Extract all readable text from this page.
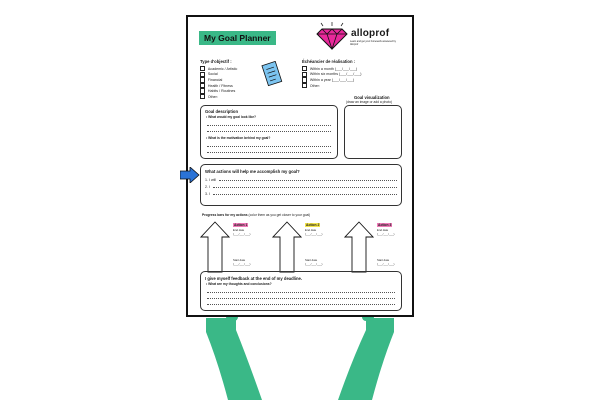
My Goal Planner	alloprof
Learn and get your homework answered by Alloprof
Type d'objectif :
Academic / Artistic
Social
Financial
Health / Fitness
Habits / Routines
Other:
Échéancier de réalisation :
Within a month (___/___/___)
Within six months (___/___/___)
Within a year (___/___/___)
Other:
Goal description
• What would my goal look like?
• What is the motivation behind my goal?
Goal visualization
(draw an image or add a photo)
What actions will help me accomplish my goal?
1. I will
2. I
3. I
Progress bars for my actions (color them as you get closer to your goal)
Action 1
End date
(___/___/___)
Start date
(___/___/___)
Action 2
End date
(___/___/___)
Start date
(___/___/___)
Action 3
End date
(___/___/___)
Start date
(___/___/___)
I give myself feedback at the end of my deadline.
• What are my thoughts and conclusions?
